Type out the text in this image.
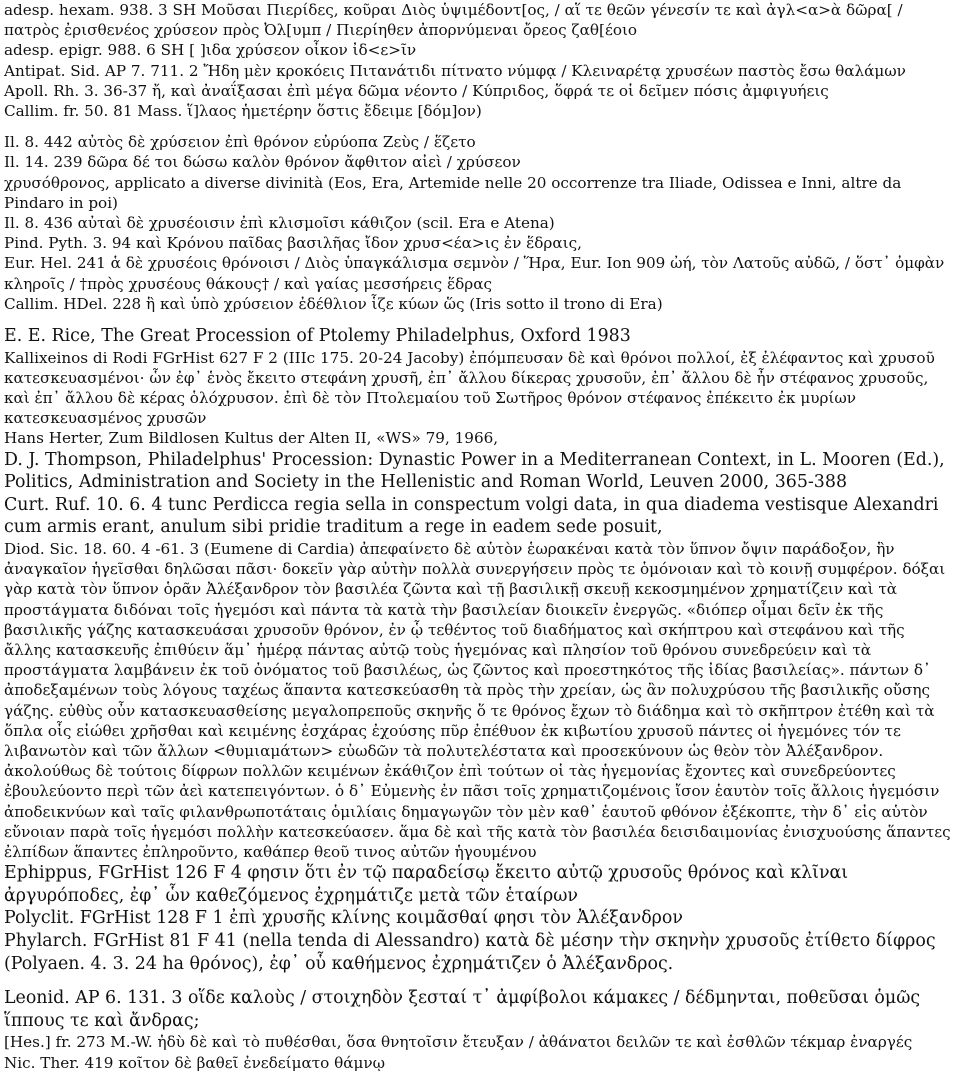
adesp. hexam. 938. 3 SH Μοῦσαι Πιερίδες, κοῦραι Διὸς ὑψιμέδοντ[ος, / αἵ τε θεῶν γένεσίν τε καὶ ἀγλ<α>ὰ δῶρα[ / πατρὸς ἐρισθενέος χρύσεον πρὸς Ὀλ[υμπ / Πιερίηθεν ἀπορνύμεναι ὄρεος ζαθ[έοιο

adesp. epigr. 988. 6 SH [ ]ιδα χρύσεον οἶκον ἰδ<ε>ῖν

Antipat. Sid. AP 7. 711. 2 Ἤδη μὲν κροκόεις Πιτανάτιδι πίτνατο νύμφᾳ / Κλειναρέτᾳ χρυσέων παστὸς ἔσω θαλάμων

Apoll. Rh. 3. 36-37 ἤ, καὶ ἀναΐξασαι ἐπὶ μέγα δῶμα νέοντο / Κύπριδος, ὅφρά τε οἱ δεῖμεν πόσις ἀμφιγυήεις

Callim. fr. 50. 81 Mass. ἵ]λαος ἡμετέρην ὅστις ἔδειμε [δόμ]ον)

Il. 8. 442 αὐτὸς δὲ χρύσειον ἐπὶ θρόνον εὐρύοπα Ζεὺς / ἕζετο

Il. 14. 239 δῶρα δέ τοι δώσω καλὸν θρόνον ἄφθιτον αἰεὶ / χρύσεον

χρυσόθρονος, applicato a diverse divinità (Eos, Era, Artemide nelle 20 occorrenze tra Iliade, Odissea e Inni, altre da Pindaro in poi)

Il. 8. 436 αὐταὶ δὲ χρυσέοισιν ἐπὶ κλισμοῖσι κάθιζον (scil. Era e Atena)

Pind. Pyth. 3. 94 καὶ Κρόνου παῖδας βασιλῆας ἴδον χρυσ<έα>ις ἐν ἕδραις,

Eur. Hel. 241 ἁ δὲ χρυσέοις θρόνοισι / Διὸς ὑπαγκάλισμα σεμνὸν / Ἥρα, Eur. Ion 909 ὠή, τὸν Λατοῦς αὐδῶ, / ὅστ᾽ ὀμφὰν κληροῖς / †πρὸς χρυσέους θάκους† / καὶ γαίας μεσσήρεις ἕδρας

Callim. HDel. 228 ἣ καὶ ὑπὸ χρύσειον ἐδέθλιον ἷζε κύων ὥς (Iris sotto il trono di Era)

E. E. Rice, The Great Procession of Ptolemy Philadelphus, Oxford 1983

Kallixeinos di Rodi FGrHist 627 F 2 (IIIc 175. 20-24 Jacoby) ἐπόμπευσαν δὲ καὶ θρόνοι πολλοί, ἐξ ἐλέφαντος καὶ χρυσοῦ κατεσκευασμένοι· ὧν ἐφ᾽ ἑνὸς ἔκειτο στεφάνη χρυσῆ, ἐπ᾽ ἄλλου δίκερας χρυσοῦν, ἐπ᾽ ἄλλου δὲ ἦν στέφανος χρυσοῦς, καὶ ἐπ᾽ ἄλλου δὲ κέρας ὁλόχρυσον. ἐπὶ δὲ τὸν Πτολεμαίου τοῦ Σωτῆρος θρόνον στέφανος ἐπέκειτο ἐκ μυρίων κατεσκευασμένος χρυσῶν

Hans Herter, Zum Bildlosen Kultus der Alten II, «WS» 79, 1966,

D. J. Thompson, Philadelphus' Procession: Dynastic Power in a Mediterranean Context, in L. Mooren (Ed.), Politics, Administration and Society in the Hellenistic and Roman World, Leuven 2000, 365-388

Curt. Ruf. 10. 6. 4 tunc Perdicca regia sella in conspectum volgi data, in qua diadema vestisque Alexandri cum armis erant, anulum sibi pridie traditum a rege in eadem sede posuit,

Diod. Sic. 18. 60. 4 -61. 3 (Eumene di Cardia) ἀπεφαίνετο δὲ αὑτὸν ἑωρακέναι κατὰ τὸν ὕπνον ὄψιν παράδοξον, ἣν ἀναγκαῖον ἡγεῖσθαι δηλῶσαι πᾶσι· δοκεῖν γὰρ αὐτὴν πολλὰ συνεργήσειν πρὸς τε ὁμόνοιαν καὶ τὸ κοινῇ συμφέρον. δόξαι γὰρ κατὰ τὸν ὕπνον ὁρᾶν Ἀλέξανδρον τὸν βασιλέα ζῶντα καὶ τῇ βασιλικῇ σκευῇ κεκοσμημένον χρηματίζειν καὶ τὰ προστάγματα διδόναι τοῖς ἡγεμόσι καὶ πάντα τὰ κατὰ τὴν βασιλείαν διοικεῖν ἐνεργῶς. «διόπερ οἶμαι δεῖν ἐκ τῆς βασιλικῆς γάζης κατασκευάσαι χρυσοῦν θρόνον, ἐν ᾧ τεθέντος τοῦ διαδήματος καὶ σκήπτρου καὶ στεφάνου καὶ τῆς ἄλλης κατασκευῆς ἐπιθύειν ἅμ᾽ ἡμέρᾳ πάντας αὐτῷ τοὺς ἡγεμόνας καὶ πλησίον τοῦ θρόνου συνεδρεύειν καὶ τὰ προστάγματα λαμβάνειν ἐκ τοῦ ὀνόματος τοῦ βασιλέως, ὡς ζῶντος καὶ προεστηκότος τῆς ἰδίας βασιλείας». πάντων δ᾽ ἀποδεξαμένων τοὺς λόγους ταχέως ἅπαντα κατεσκεύασθη τὰ πρὸς τὴν χρείαν, ὡς ἂν πολυχρύσου τῆς βασιλικῆς οὔσης γάζης. εὐθὺς οὖν κατασκευασθείσης μεγαλοπρεποῦς σκηνῆς ὅ τε θρόνος ἔχων τὸ διάδημα καὶ τὸ σκῆπτρον ἐτέθη καὶ τὰ ὅπλα οἷς εἰώθει χρῆσθαι καὶ κειμένης ἐσχάρας ἐχούσης πῦρ ἐπέθυον ἐκ κιβωτίου χρυσοῦ πάντες οἱ ἡγεμόνες τόν τε λιβανωτὸν καὶ τῶν ἄλλων <θυμιαμάτων> εὐωδῶν τὰ πολυτελέστατα καὶ προσεκύνουν ὡς θεὸν τὸν Ἀλέξανδρον. ἀκολούθως δὲ τούτοις δίφρων πολλῶν κειμένων ἐκάθιζον ἐπὶ τούτων οἱ τὰς ἡγεμονίας ἔχοντες καὶ συνεδρεύοντες ἐβουλεύοντο περὶ τῶν ἀεὶ κατεπειγόντων. ὁ δ᾽ Εὐμενὴς ἐν πᾶσι τοῖς χρηματιζομένοις ἴσον ἑαυτὸν τοῖς ἄλλοις ἡγεμόσιν ἀποδεικνύων καὶ ταῖς φιλανθρωποτάταις ὁμιλίαις δημαγωγῶν τὸν μὲν καθ᾽ ἑαυτοῦ φθόνον ἐξέκοπτε, τὴν δ᾽ εἰς αὑτὸν εὔνοιαν παρὰ τοῖς ἡγεμόσι πολλὴν κατεσκεύασεν. ἅμα δὲ καὶ τῆς κατὰ τὸν βασιλέα δεισιδαιμονίας ἐνισχυούσης ἅπαντες ἐλπίδων ἅπαντες ἐπληροῦντο, καθάπερ θεοῦ τινος αὐτῶν ἡγουμένου

Ephippus, FGrHist 126 F 4 φησιν ὅτι ἐν τῷ παραδείσῳ ἔκειτο αὐτῷ χρυσοῦς θρόνος καὶ κλῖναι ἀργυρόποδες, ἐφ᾽ ὧν καθεζόμενος ἐχρημάτιζε μετὰ τῶν ἑταίρων

Polyclit. FGrHist 128 F 1 ἐπὶ χρυσῆς κλίνης κοιμᾶσθαί φησι τὸν Ἀλέξανδρον

Phylarch. FGrHist 81 F 41 (nella tenda di Alessandro) κατὰ δὲ μέσην τὴν σκηνὴν χρυσοῦς ἐτίθετο δίφρος (Polyaen. 4. 3. 24 ha θρόνος), ἐφ᾽ οὗ καθήμενος ἐχρημάτιζεν ὁ Ἀλέξανδρος.

Leonid. AP 6. 131. 3 οἵδε καλοὺς / στοιχηδὸν ξεσταί τ᾽ ἀμφίβολοι κάμακες / δέδμηνται, ποθεῦσαι ὁμῶς ἵππους τε καὶ ἄνδρας;

[Hes.] fr. 273 M.-W. ἡδὺ δὲ καὶ τὸ πυθέσθαι, ὅσα θνητοῖσιν ἔτευξαν / ἀθάνατοι δειλῶν τε καὶ ἐσθλῶν τέκμαρ ἐναργές

Nic. Ther. 419 κοῖτον δὲ βαθεῖ ἐνεδείματο θάμνῳ
